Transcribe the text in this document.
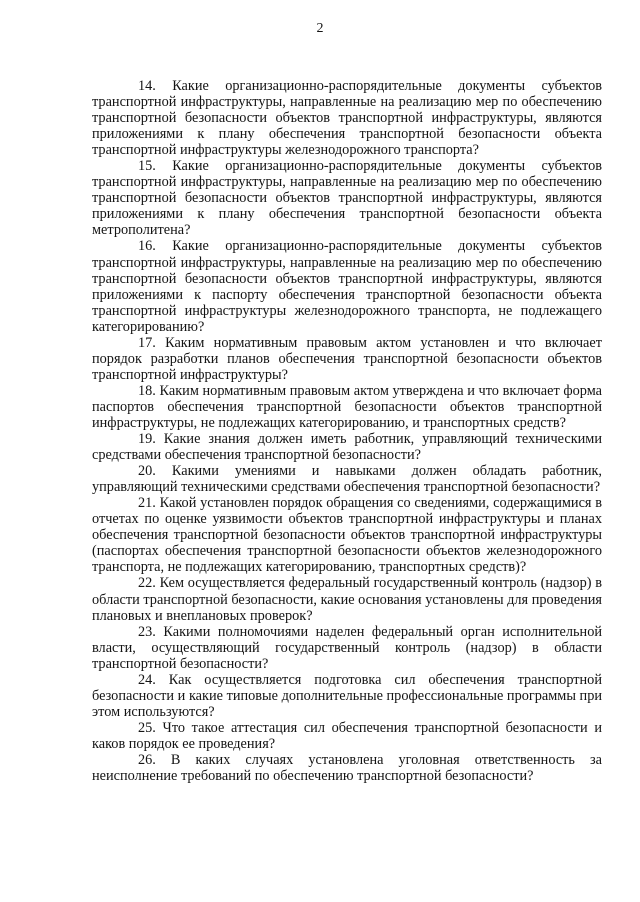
2

14. Какие организационно-распорядительные документы субъектов транспортной инфраструктуры, направленные на реализацию мер по обеспечению транспортной безопасности объектов транспортной инфраструктуры, являются приложениями к плану обеспечения транспортной безопасности объекта транспортной инфраструктуры железнодорожного транспорта?

15. Какие организационно-распорядительные документы субъектов транспортной инфраструктуры, направленные на реализацию мер по обеспечению транспортной безопасности объектов транспортной инфраструктуры, являются приложениями к плану обеспечения транспортной безопасности объекта метрополитена?

16. Какие организационно-распорядительные документы субъектов транспортной инфраструктуры, направленные на реализацию мер по обеспечению транспортной безопасности объектов транспортной инфраструктуры, являются приложениями к паспорту обеспечения транспортной безопасности объекта транспортной инфраструктуры железнодорожного транспорта, не подлежащего категорированию?

17. Каким нормативным правовым актом установлен и что включает порядок разработки планов обеспечения транспортной безопасности объектов транспортной инфраструктуры?

18. Каким нормативным правовым актом утверждена и что включает форма паспортов обеспечения транспортной безопасности объектов транспортной инфраструктуры, не подлежащих категорированию, и транспортных средств?

19. Какие знания должен иметь работник, управляющий техническими средствами обеспечения транспортной безопасности?

20. Какими умениями и навыками должен обладать работник, управляющий техническими средствами обеспечения транспортной безопасности?

21. Какой установлен порядок обращения со сведениями, содержащимися в отчетах по оценке уязвимости объектов транспортной инфраструктуры и планах обеспечения транспортной безопасности объектов транспортной инфраструктуры (паспортах обеспечения транспортной безопасности объектов железнодорожного транспорта, не подлежащих категорированию, транспортных средств)?

22. Кем осуществляется федеральный государственный контроль (надзор) в области транспортной безопасности, какие основания установлены для проведения плановых и внеплановых проверок?

23. Какими полномочиями наделен федеральный орган исполнительной власти, осуществляющий государственный контроль (надзор) в области транспортной безопасности?

24. Как осуществляется подготовка сил обеспечения транспортной безопасности и какие типовые дополнительные профессиональные программы при этом используются?

25. Что такое аттестация сил обеспечения транспортной безопасности и каков порядок ее проведения?

26. В каких случаях установлена уголовная ответственность за неисполнение требований по обеспечению транспортной безопасности?
